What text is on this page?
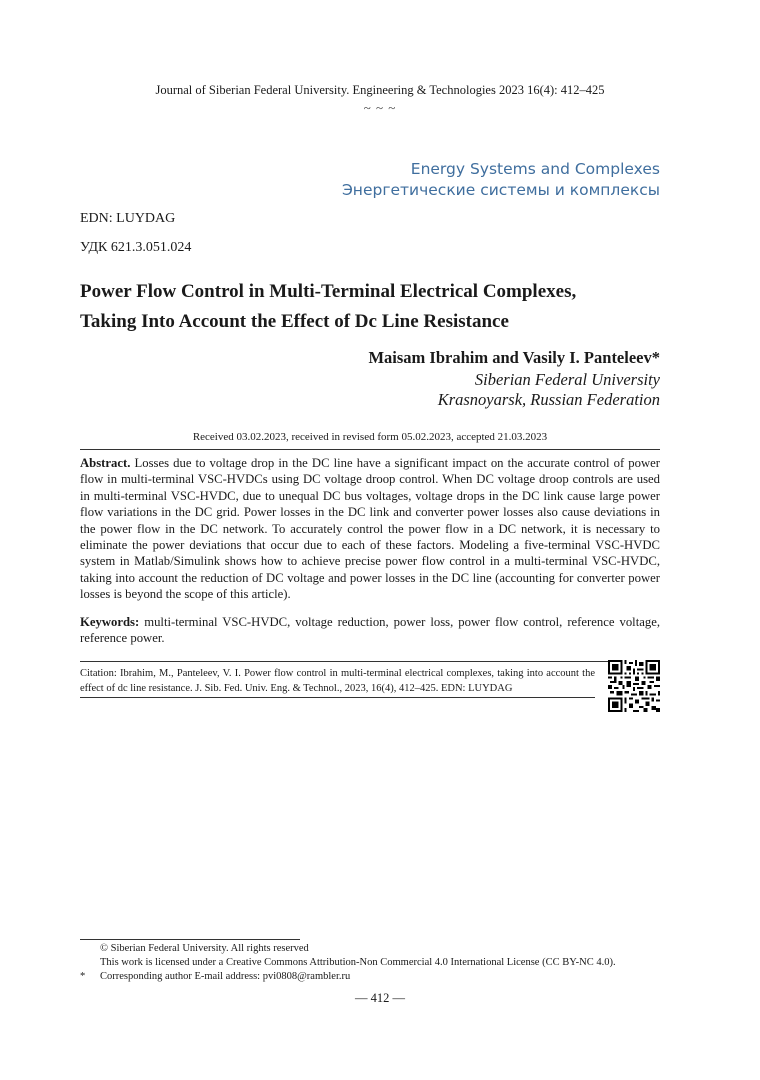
Journal of Siberian Federal University. Engineering & Technologies 2023 16(4): 412–425
~ ~ ~
Energy Systems and Complexes
Энергетические системы и комплексы
EDN: LUYDAG
УДК 621.3.051.024
Power Flow Control in Multi-Terminal Electrical Complexes,
Taking Into Account the Effect of Dc Line Resistance
Maisam Ibrahim and Vasily I. Panteleev*
Siberian Federal University
Krasnoyarsk, Russian Federation
Received 03.02.2023, received in revised form 05.02.2023, accepted 21.03.2023
Abstract. Losses due to voltage drop in the DC line have a significant impact on the accurate control of power flow in multi-terminal VSC-HVDCs using DC voltage droop control. When DC voltage droop controls are used in multi-terminal VSC-HVDC, due to unequal DC bus voltages, voltage drops in the DC link cause large power flow variations in the DC grid. Power losses in the DC link and converter power losses also cause deviations in the power flow in the DC network. To accurately control the power flow in a DC network, it is necessary to eliminate the power deviations that occur due to each of these factors. Modeling a five-terminal VSC-HVDC system in Matlab/Simulink shows how to achieve precise power flow control in a multi-terminal VSC-HVDC, taking into account the reduction of DC voltage and power losses in the DC line (accounting for converter power losses is beyond the scope of this article).
Keywords: multi-terminal VSC-HVDC, voltage reduction, power loss, power flow control, reference voltage, reference power.
Citation: Ibrahim, M., Panteleev, V. I. Power flow control in multi-terminal electrical complexes, taking into account the effect of dc line resistance. J. Sib. Fed. Univ. Eng. & Technol., 2023, 16(4), 412–425. EDN: LUYDAG
© Siberian Federal University. All rights reserved
This work is licensed under a Creative Commons Attribution-Non Commercial 4.0 International License (CC BY-NC 4.0).
* Corresponding author E-mail address: pvi0808@rambler.ru
— 412 —
